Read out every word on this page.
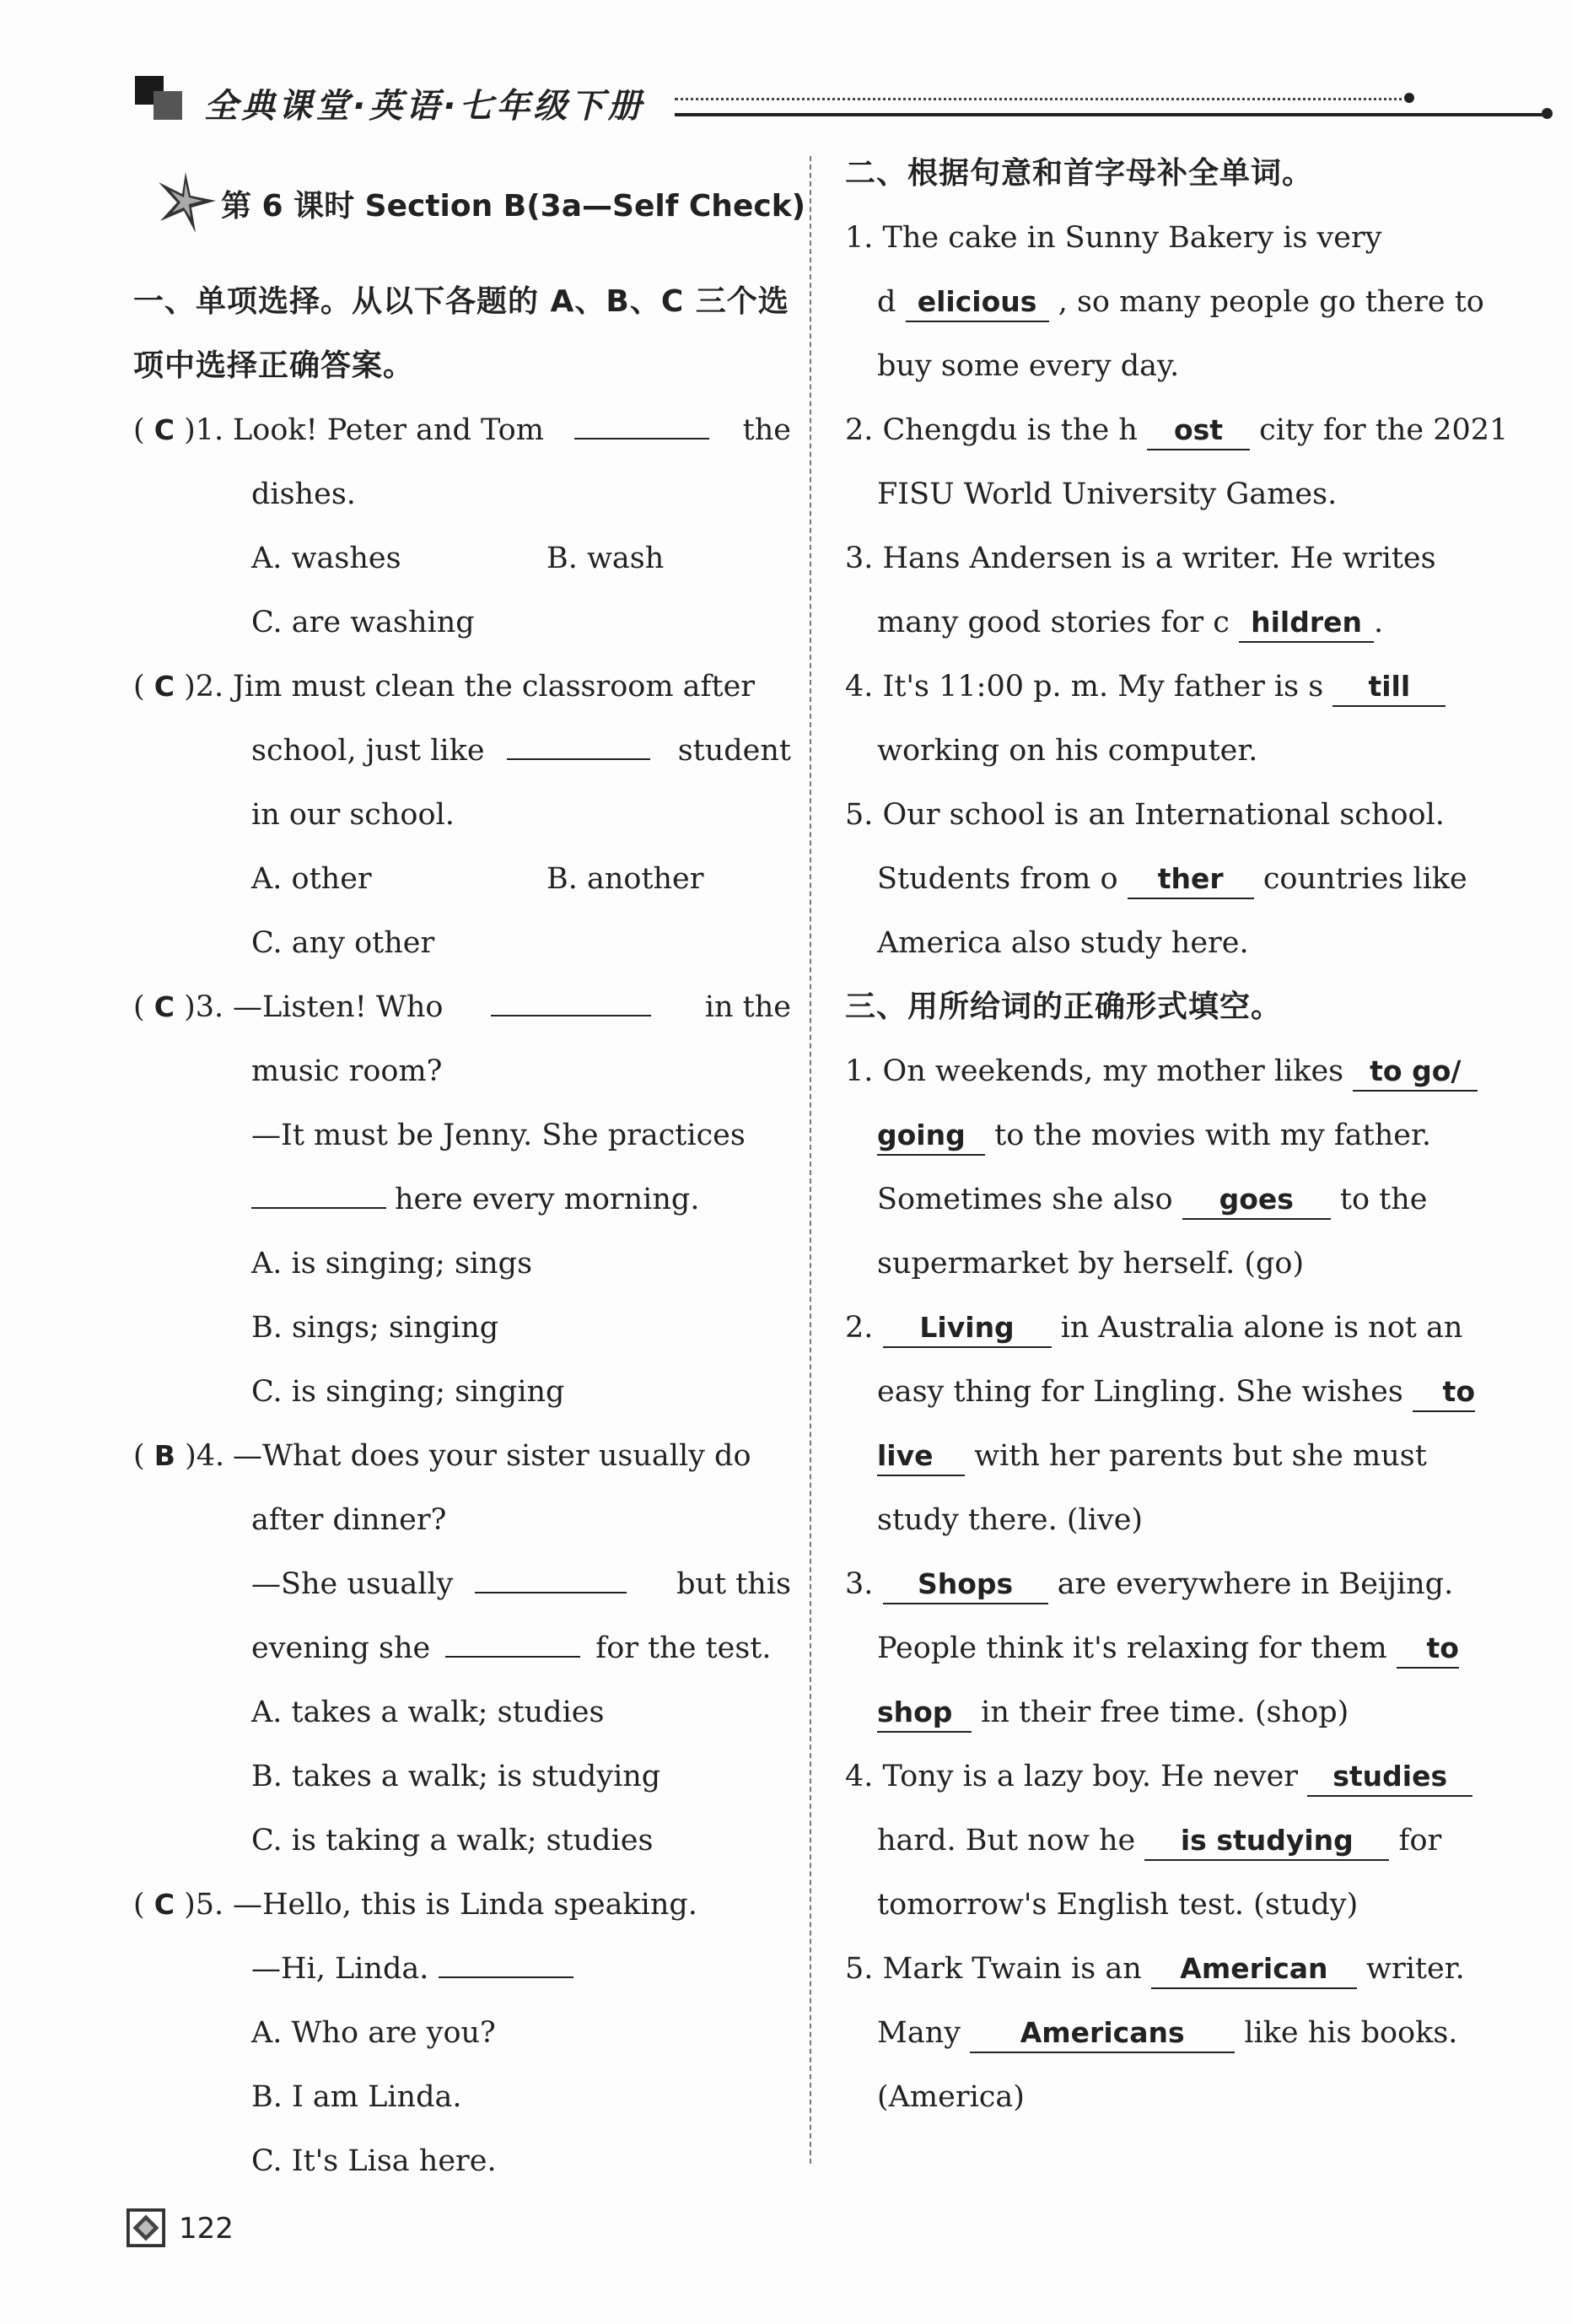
全典课堂·英语·七年级下册
第 6 课时 Section B(3a—Self Check)
一、单项选择。从以下各题的 A、B、C 三个选
项中选择正确答案。
( C )1. Look! Peter and Tom	the
dishes.
A. washes	B. wash
C. are washing
( C )2. Jim must clean the classroom after
school, just like	student
in our school.
A. other	B. another
C. any other
( C )3. —Listen! Who	in the
music room?
—It must be Jenny. She practices
here every morning.
A. is singing; sings
B. sings; singing
C. is singing; singing
( B )4. —What does your sister usually do
after dinner?
—She usually	but this
evening she	for the test.
A. takes a walk; studies
B. takes a walk; is studying
C. is taking a walk; studies
( C )5. —Hello, this is Linda speaking.
—Hi, Linda.
A. Who are you?
B. I am Linda.
C. It's Lisa here.
二、根据句意和首字母补全单词。
1. The cake in Sunny Bakery is very
d elicious , so many people go there to
buy some every day.
2. Chengdu is the h ost city for the 2021
FISU World University Games.
3. Hans Andersen is a writer. He writes
many good stories for c hildren .
4. It's 11:00 p. m. My father is s till
working on his computer.
5. Our school is an International school.
Students from o ther countries like
America also study here.
三、用所给词的正确形式填空。
1. On weekends, my mother likes to go/
going to the movies with my father.
Sometimes she also goes to the
supermarket by herself. (go)
2. Living in Australia alone is not an
easy thing for Lingling. She wishes to
live with her parents but she must
study there. (live)
3. Shops are everywhere in Beijing.
People think it's relaxing for them to
shop in their free time. (shop)
4. Tony is a lazy boy. He never studies
hard. But now he is studying for
tomorrow's English test. (study)
5. Mark Twain is an American writer.
Many Americans like his books.
(America)
122
